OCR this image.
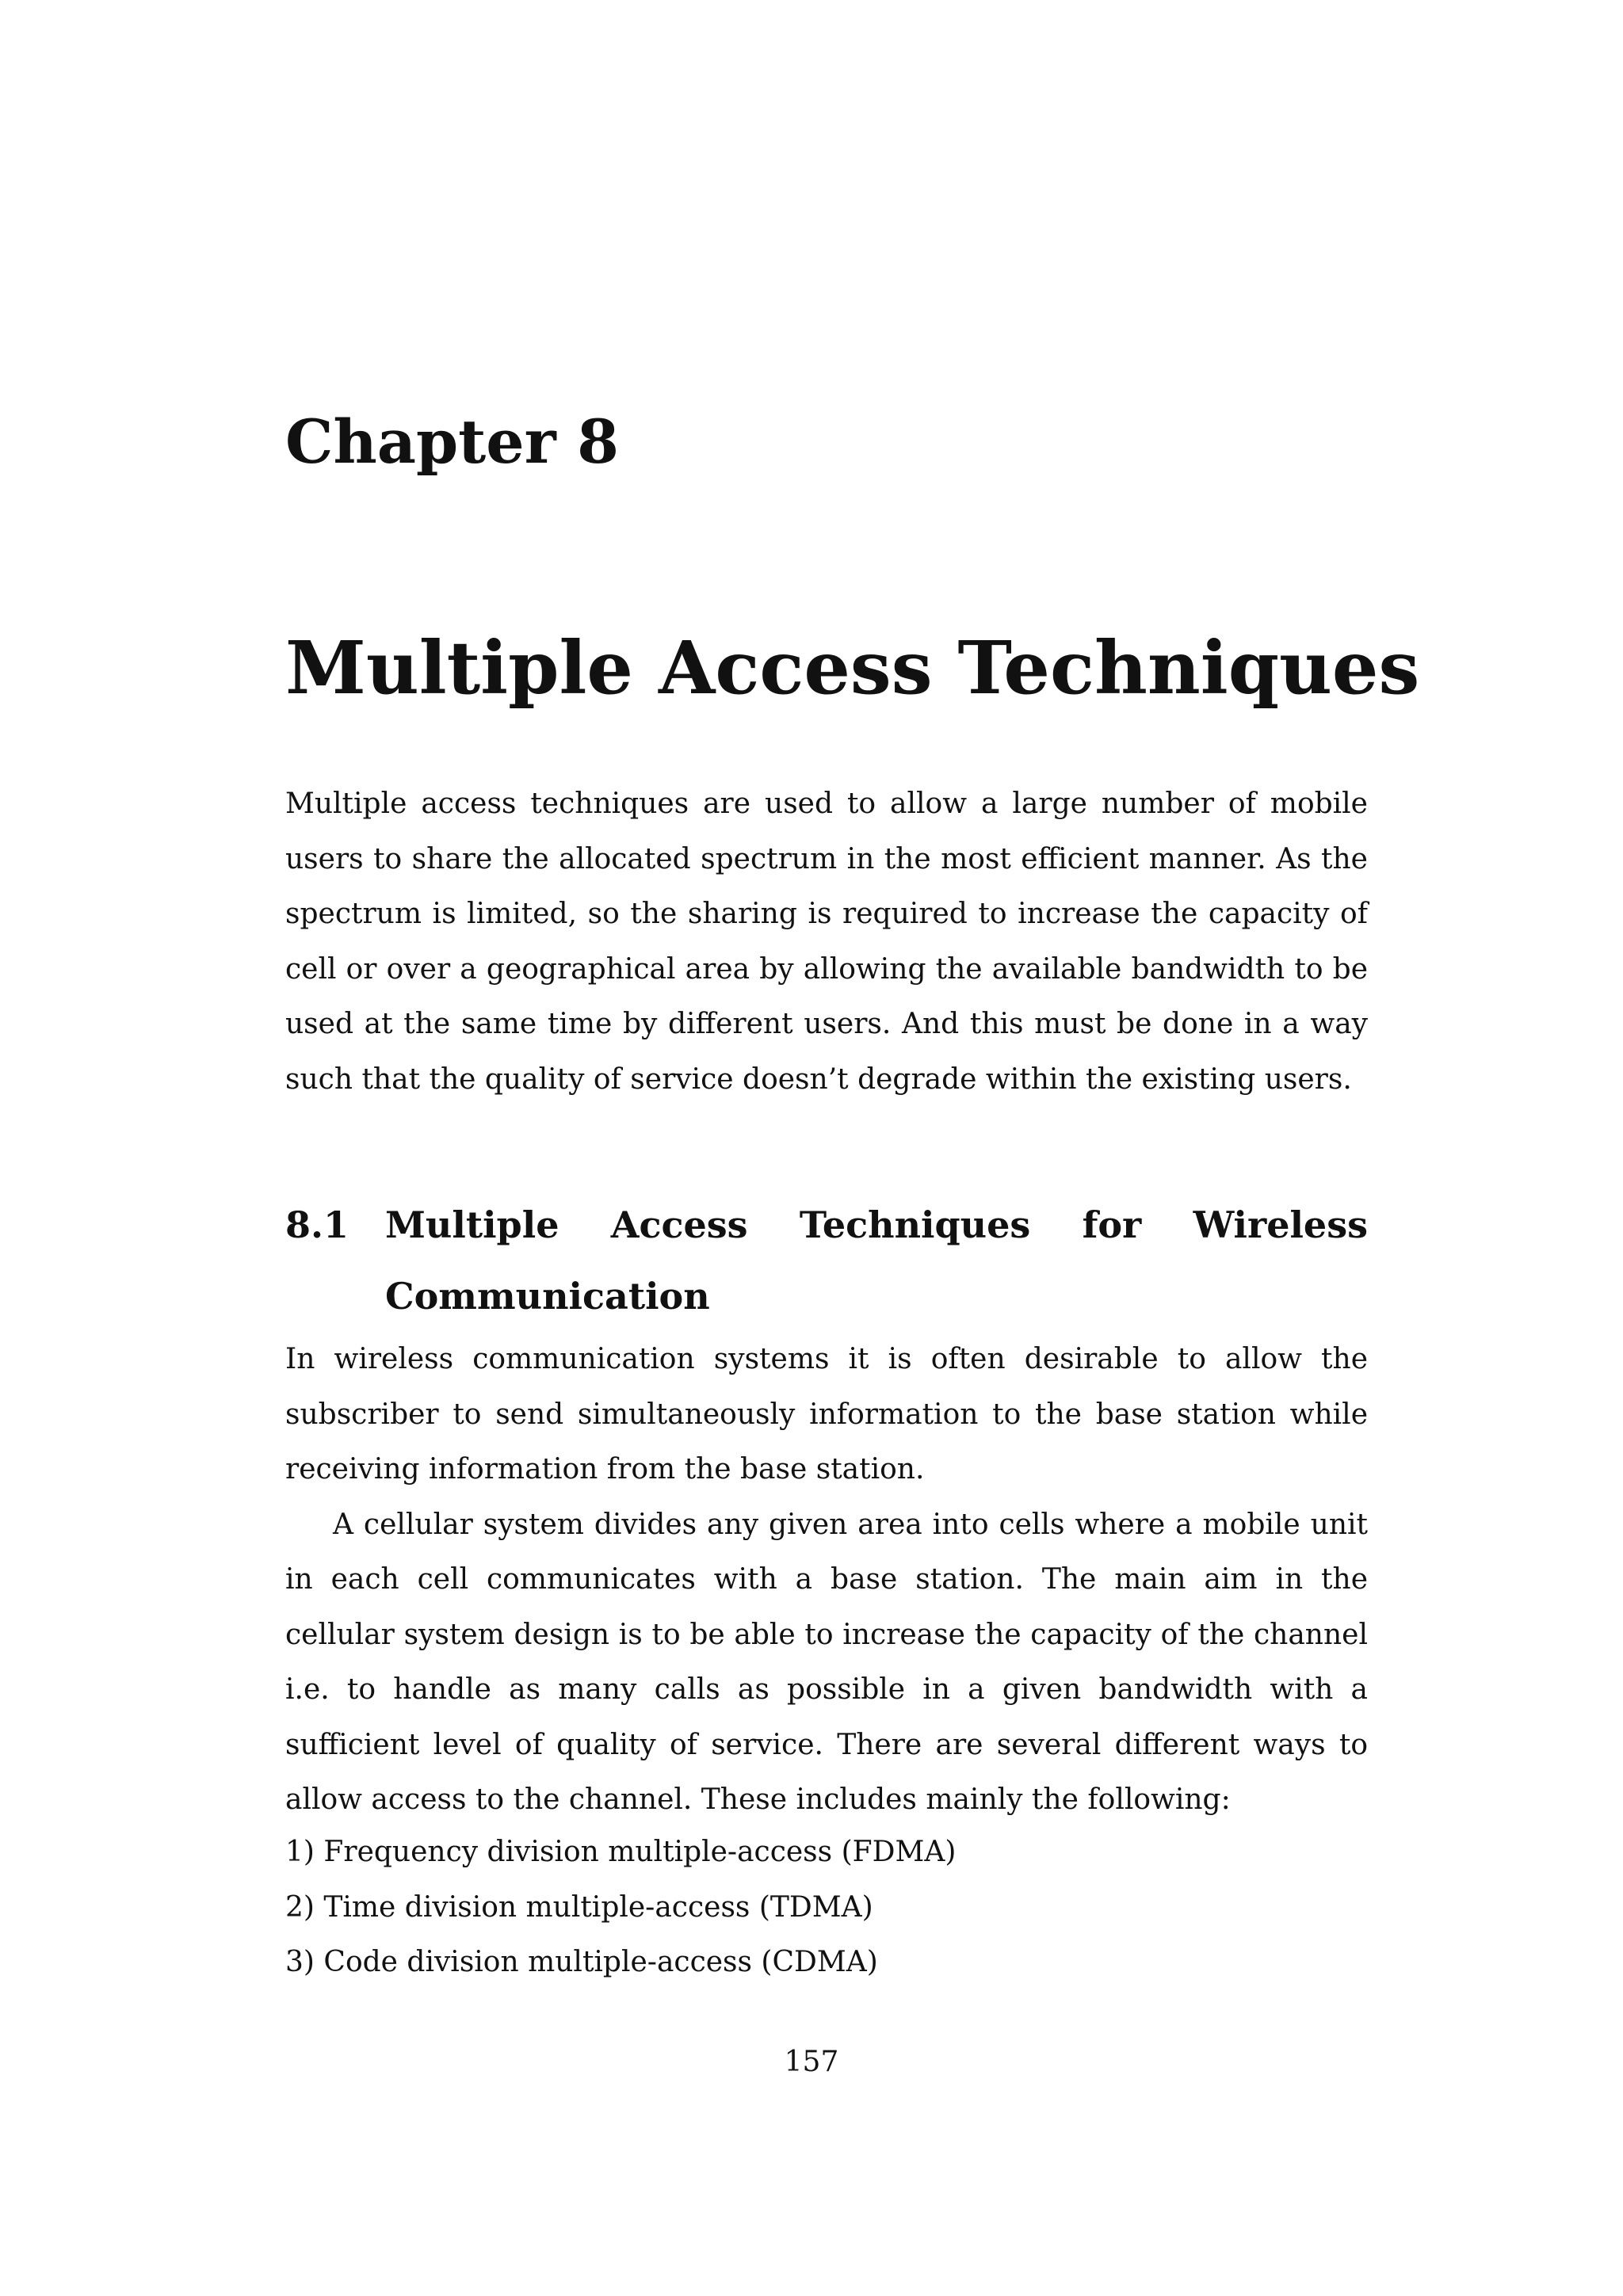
Chapter 8
Multiple Access Techniques

Multiple access techniques are used to allow a large number of mobile users to share the allocated spectrum in the most efficient manner. As the spectrum is limited, so the sharing is required to increase the capacity of cell or over a geographical area by allowing the available bandwidth to be used at the same time by different users. And this must be done in a way such that the quality of service doesn’t degrade within the existing users.

8.1 Multiple Access Techniques for Wireless Communication

In wireless communication systems it is often desirable to allow the subscriber to send simultaneously information to the base station while receiving information from the base station.

A cellular system divides any given area into cells where a mobile unit in each cell communicates with a base station. The main aim in the cellular system design is to be able to increase the capacity of the channel i.e. to handle as many calls as possible in a given bandwidth with a sufficient level of quality of service. There are several different ways to allow access to the channel. These includes mainly the following:

1) Frequency division multiple-access (FDMA)
2) Time division multiple-access (TDMA)
3) Code division multiple-access (CDMA)
157
